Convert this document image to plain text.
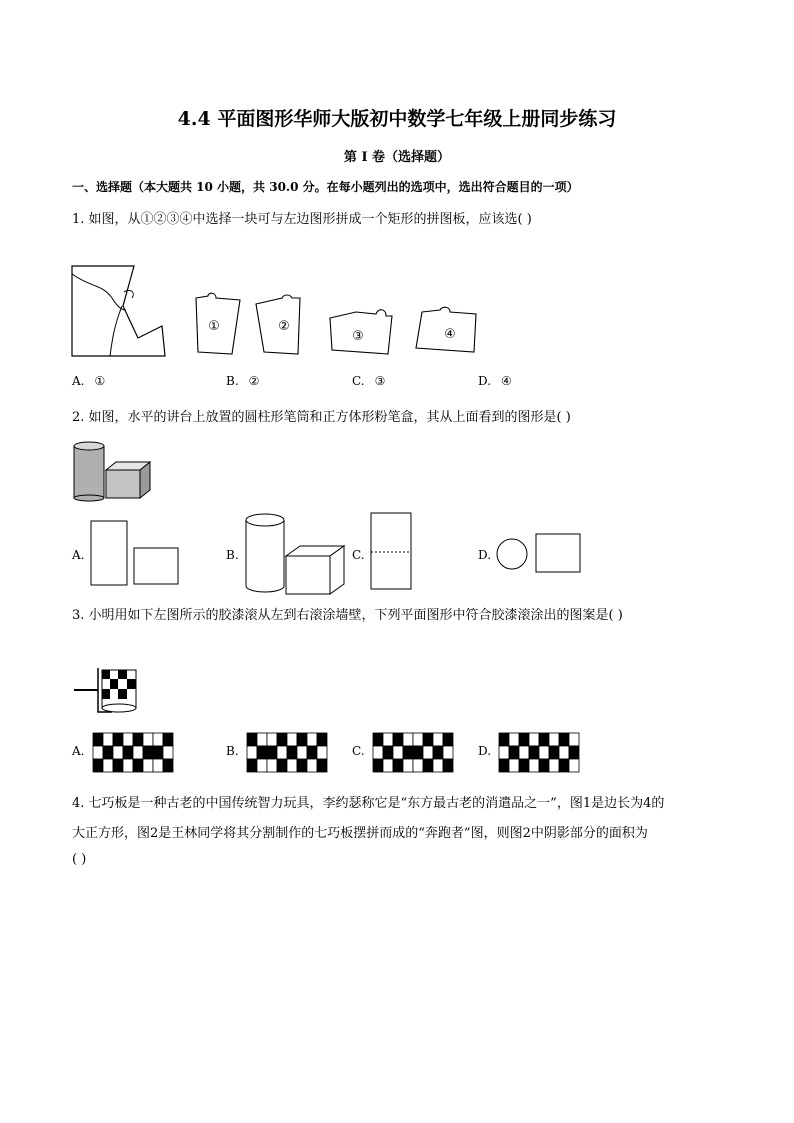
4.4 平面图形华师大版初中数学七年级上册同步练习
第 I 卷（选择题）
一、选择题（本大题共 10 小题，共 30.0 分。在每小题列出的选项中，选出符合题目的一项）
1. 如图，从①②③④中选择一块可与左边图形拼成一个矩形的拼图板，应该选( )
①	②
③	④
A. ①	B. ②	C. ③	D. ④
2. 如图，水平的讲台上放置的圆柱形笔筒和正方体形粉笔盒，其从上面看到的图形是( )
A.	B.	C.	D.
3. 小明用如下左图所示的胶漆滚从左到右滚涂墙壁，下列平面图形中符合胶漆滚涂出的图案是( )
A.	B.	C.	D.
4. 七巧板是一种古老的中国传统智力玩具，李约瑟称它是“东方最古老的消遣品之一”，图1是边长为4的
大正方形，图2是王林同学将其分割制作的七巧板摆拼而成的“奔跑者”图，则图2中阴影部分的面积为
( )
